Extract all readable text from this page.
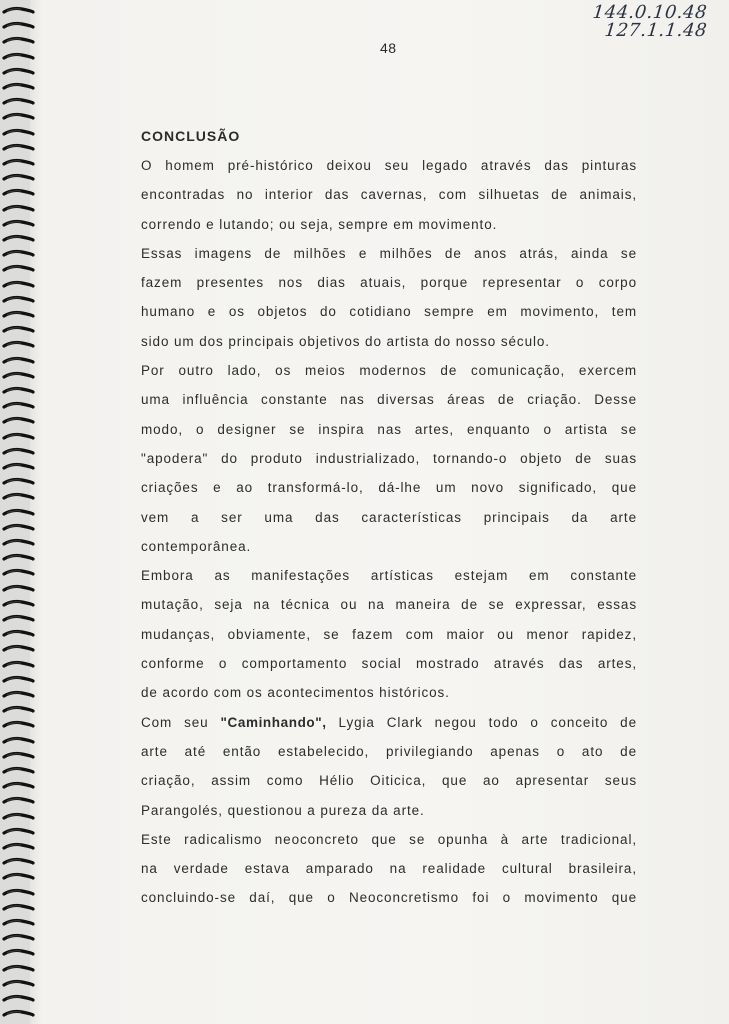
144.0.10.48
127.1.1.48
48
CONCLUSÃO
O homem pré-histórico deixou seu legado através das pinturas
encontradas no interior das cavernas, com silhuetas de animais,
correndo e lutando; ou seja, sempre em movimento.
Essas imagens de milhões e milhões de anos atrás, ainda se
fazem presentes nos dias atuais, porque representar o corpo
humano e os objetos do cotidiano sempre em movimento, tem
sido um dos principais objetivos do artista do nosso século.
Por outro lado, os meios modernos de comunicação, exercem
uma influência constante nas diversas áreas de criação. Desse
modo, o designer se inspira nas artes, enquanto o artista se
"apodera" do produto industrializado, tornando-o objeto de suas
criações e ao transformá-lo, dá-lhe um novo significado, que
vem a ser uma das características principais da arte
contemporânea.
Embora as manifestações artísticas estejam em constante
mutação, seja na técnica ou na maneira de se expressar, essas
mudanças, obviamente, se fazem com maior ou menor rapidez,
conforme o comportamento social mostrado através das artes,
de acordo com os acontecimentos históricos.
Com seu "Caminhando", Lygia Clark negou todo o conceito de
arte até então estabelecido, privilegiando apenas o ato de
criação, assim como Hélio Oiticica, que ao apresentar seus
Parangolés, questionou a pureza da arte.
Este radicalismo neoconcreto que se opunha à arte tradicional,
na verdade estava amparado na realidade cultural brasileira,
concluindo-se daí, que o Neoconcretismo foi o movimento que
